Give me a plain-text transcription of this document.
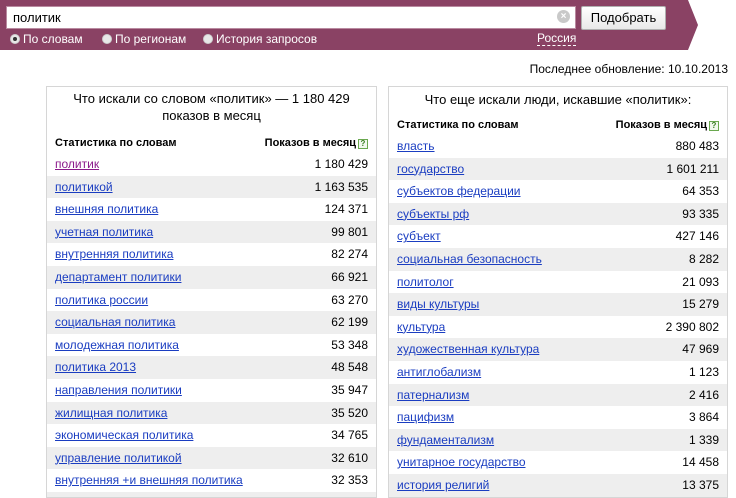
политик	×	Подобрать
По словам	По регионам	История запросов	Россия
Последнее обновление: 10.10.2013
Что искали со словом «политик» — 1 180 429 показов в месяц
Статистика по словам	Показов в месяц ?
политик	1 180 429
политикой	1 163 535
внешняя политика	124 371
учетная политика	99 801
внутренняя политика	82 274
департамент политики	66 921
политика россии	63 270
социальная политика	62 199
молодежная политика	53 348
политика 2013	48 548
направления политики	35 947
жилищная политика	35 520
экономическая политика	34 765
управление политикой	32 610
внутренняя +и внешняя политика	32 353
Что еще искали люди, искавшие «политик»:
Статистика по словам	Показов в месяц ?
власть	880 483
государство	1 601 211
субъектов федерации	64 353
субъекты рф	93 335
субъект	427 146
социальная безопасность	8 282
политолог	21 093
виды культуры	15 279
культура	2 390 802
художественная культура	47 969
антиглобализм	1 123
патернализм	2 416
пацифизм	3 864
фундаментализм	1 339
унитарное государство	14 458
история религий	13 375
